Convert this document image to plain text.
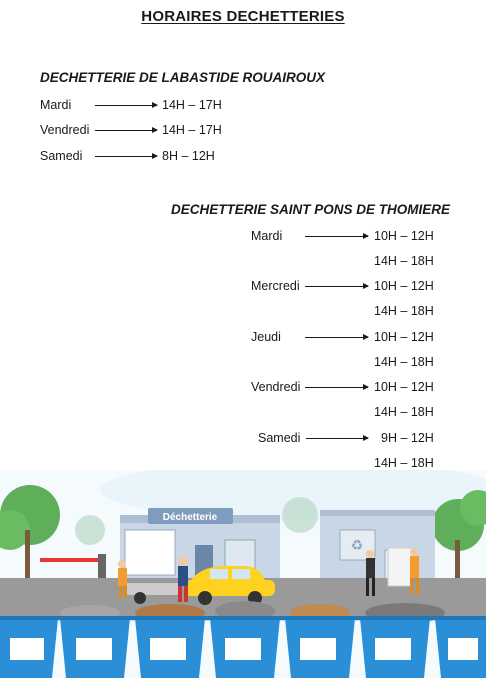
HORAIRES DECHETTERIES
DECHETTERIE DE LABASTIDE ROUAIROUX
Mardi	14H – 17H
Vendredi	14H – 17H
Samedi	8H – 12H
DECHETTERIE SAINT PONS DE THOMIERE
Mardi	10H – 12H
14H – 18H
Mercredi	10H – 12H
14H – 18H
Jeudi	10H – 12H
14H – 18H
Vendredi	10H – 12H
14H – 18H
Samedi	9H – 12H
14H – 18H
Déchetterie
♻
